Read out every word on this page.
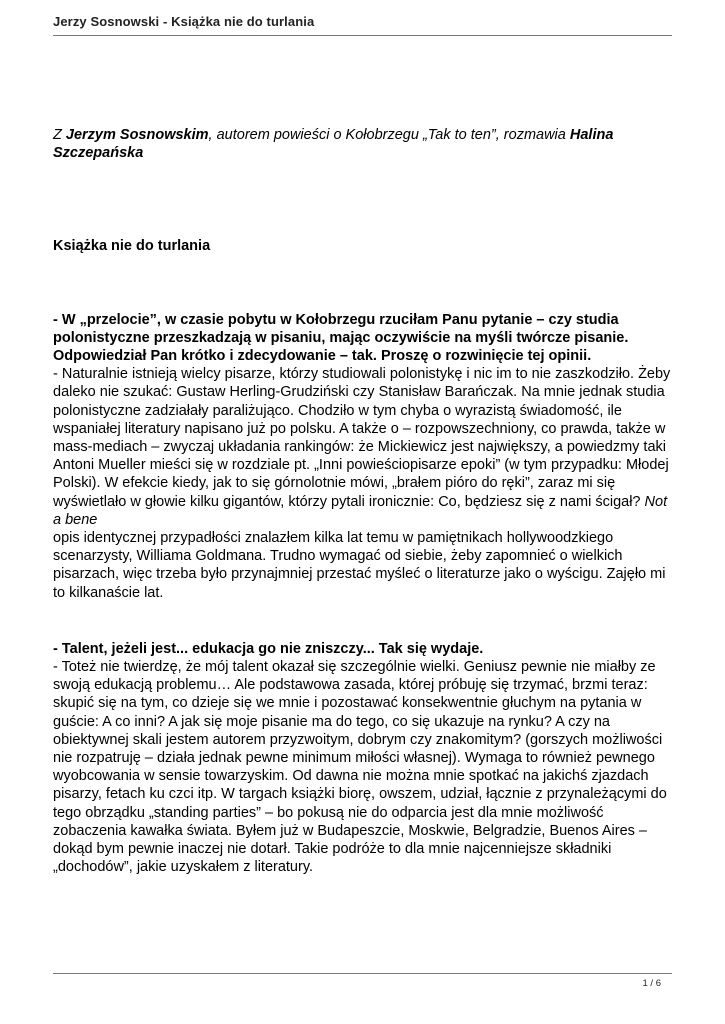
Jerzy Sosnowski - Książka nie do turlania

Z Jerzym Sosnowskim, autorem powieści o Kołobrzegu „Tak to ten”, rozmawia Halina Szczepańska

Książka nie do turlania

- W „przelocie”, w czasie pobytu w Kołobrzegu rzuciłam Panu pytanie – czy studia polonistyczne przeszkadzają w pisaniu, mając oczywiście na myśli twórcze pisanie. Odpowiedział Pan krótko i zdecydowanie – tak. Proszę o rozwinięcie tej opinii.

- Naturalnie istnieją wielcy pisarze, którzy studiowali polonistykę i nic im to nie zaszkodziło. Żeby daleko nie szukać: Gustaw Herling-Grudziński czy Stanisław Barańczak. Na mnie jednak studia polonistyczne zadziałały paraliżująco. Chodziło w tym chyba o wyrazistą świadomość, ile wspaniałej literatury napisano już po polsku. A także o – rozpowszechniony, co prawda, także w mass-mediach – zwyczaj układania rankingów: że Mickiewicz jest największy, a powiedzmy taki Antoni Mueller mieści się w rozdziale pt. „Inni powieściopisarze epoki” (w tym przypadku: Młodej Polski). W efekcie kiedy, jak to się górnolotnie mówi, „brałem pióro do ręki”, zaraz mi się wyświetlało w głowie kilku gigantów, którzy pytali ironicznie: Co, będziesz się z nami ścigał? Not a bene

opis identycznej przypadłości znalazłem kilka lat temu w pamiętnikach hollywoodzkiego scenarzysty, Williama Goldmana. Trudno wymagać od siebie, żeby zapomnieć o wielkich pisarzach, więc trzeba było przynajmniej przestać myśleć o literaturze jako o wyścigu. Zajęło mi to kilkanaście lat.

- Talent, jeżeli jest... edukacja go nie zniszczy... Tak się wydaje.

- Toteż nie twierdzę, że mój talent okazał się szczególnie wielki. Geniusz pewnie nie miałby ze swoją edukacją problemu… Ale podstawowa zasada, której próbuję się trzymać, brzmi teraz: skupić się na tym, co dzieje się we mnie i pozostawać konsekwentnie głuchym na pytania w guście: A co inni? A jak się moje pisanie ma do tego, co się ukazuje na rynku? A czy na obiektywnej skali jestem autorem przyzwoitym, dobrym czy znakomitym? (gorszych możliwości nie rozpatruję – działa jednak pewne minimum miłości własnej). Wymaga to również pewnego wyobcowania w sensie towarzyskim. Od dawna nie można mnie spotkać na jakichś zjazdach pisarzy, fetach ku czci itp. W targach książki biorę, owszem, udział, łącznie z przynależącymi do tego obrządku „standing parties” – bo pokusą nie do odparcia jest dla mnie możliwość zobaczenia kawałka świata. Byłem już w Budapeszcie, Moskwie, Belgradzie, Buenos Aires – dokąd bym pewnie inaczej nie dotarł. Takie podróże to dla mnie najcenniejsze składniki „dochodów”, jakie uzyskałem z literatury.

1 / 6
